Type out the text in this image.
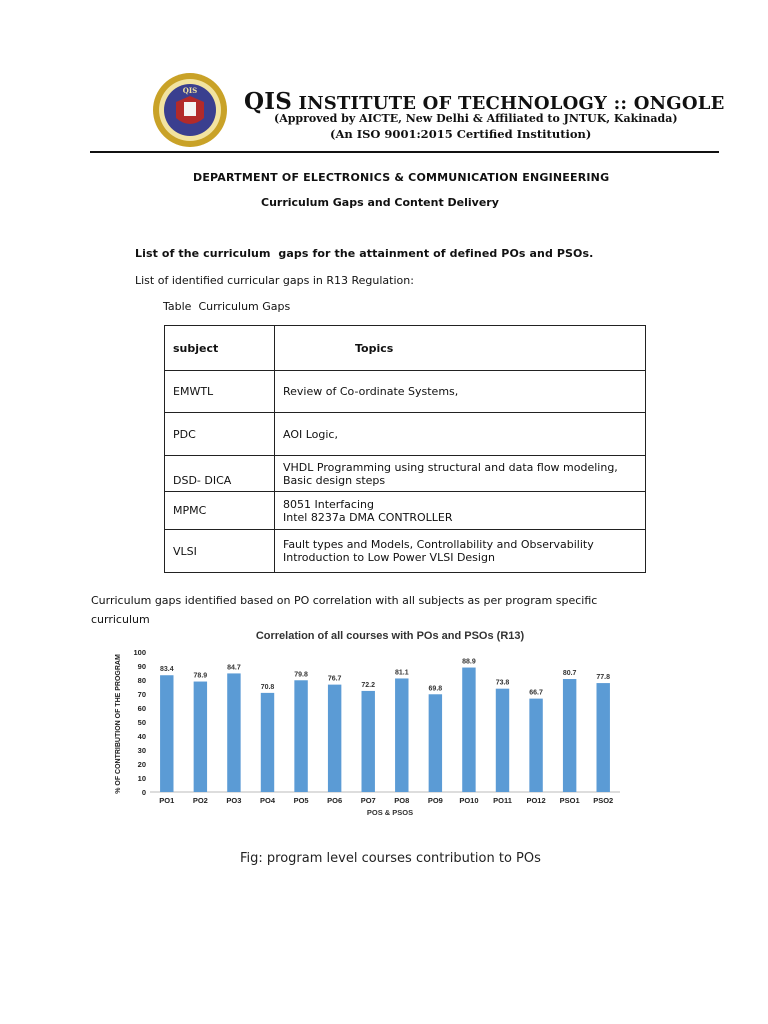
QIS QIS INSTITUTE OF TECHNOLOGY :: ONGOLE
(Approved by AICTE, New Delhi & Affiliated to JNTUK, Kakinada)
(An ISO 9001:2015 Certified Institution)
DEPARTMENT OF ELECTRONICS & COMMUNICATION ENGINEERING
Curriculum Gaps and Content Delivery
List of the curriculum  gaps for the attainment of defined POs and PSOs.
List of identified curricular gaps in R13 Regulation:
Table  Curriculum Gaps
subject	Topics
EMWTL	Review of Co-ordinate Systems,

PDC	AOI Logic,

DSD- DICA	VHDL Programming using structural and data flow modeling,
Basic design steps

MPMC	8051 Interfacing
Intel 8237a DMA CONTROLLER

VLSI	Fault types and Models, Controllability and Observability
Introduction to Low Power VLSI Design
Curriculum gaps identified based on PO correlation with all subjects as per program specific curriculum
Correlation of all courses with POs and PSOs (R13)
% OF CONTRIBUTION OF THE PROGRAM
POS & PSOS
0
10
20
30
40
50
60
70
80
90
100
83.4
PO1
78.9
PO2
84.7
PO3
70.8
PO4
79.8
PO5
76.7
PO6
72.2
PO7
81.1
PO8
69.8
PO9
88.9
PO10
73.8
PO11
66.7
PO12
80.7
PSO1
77.8
PSO2
Fig: program level courses contribution to POs
